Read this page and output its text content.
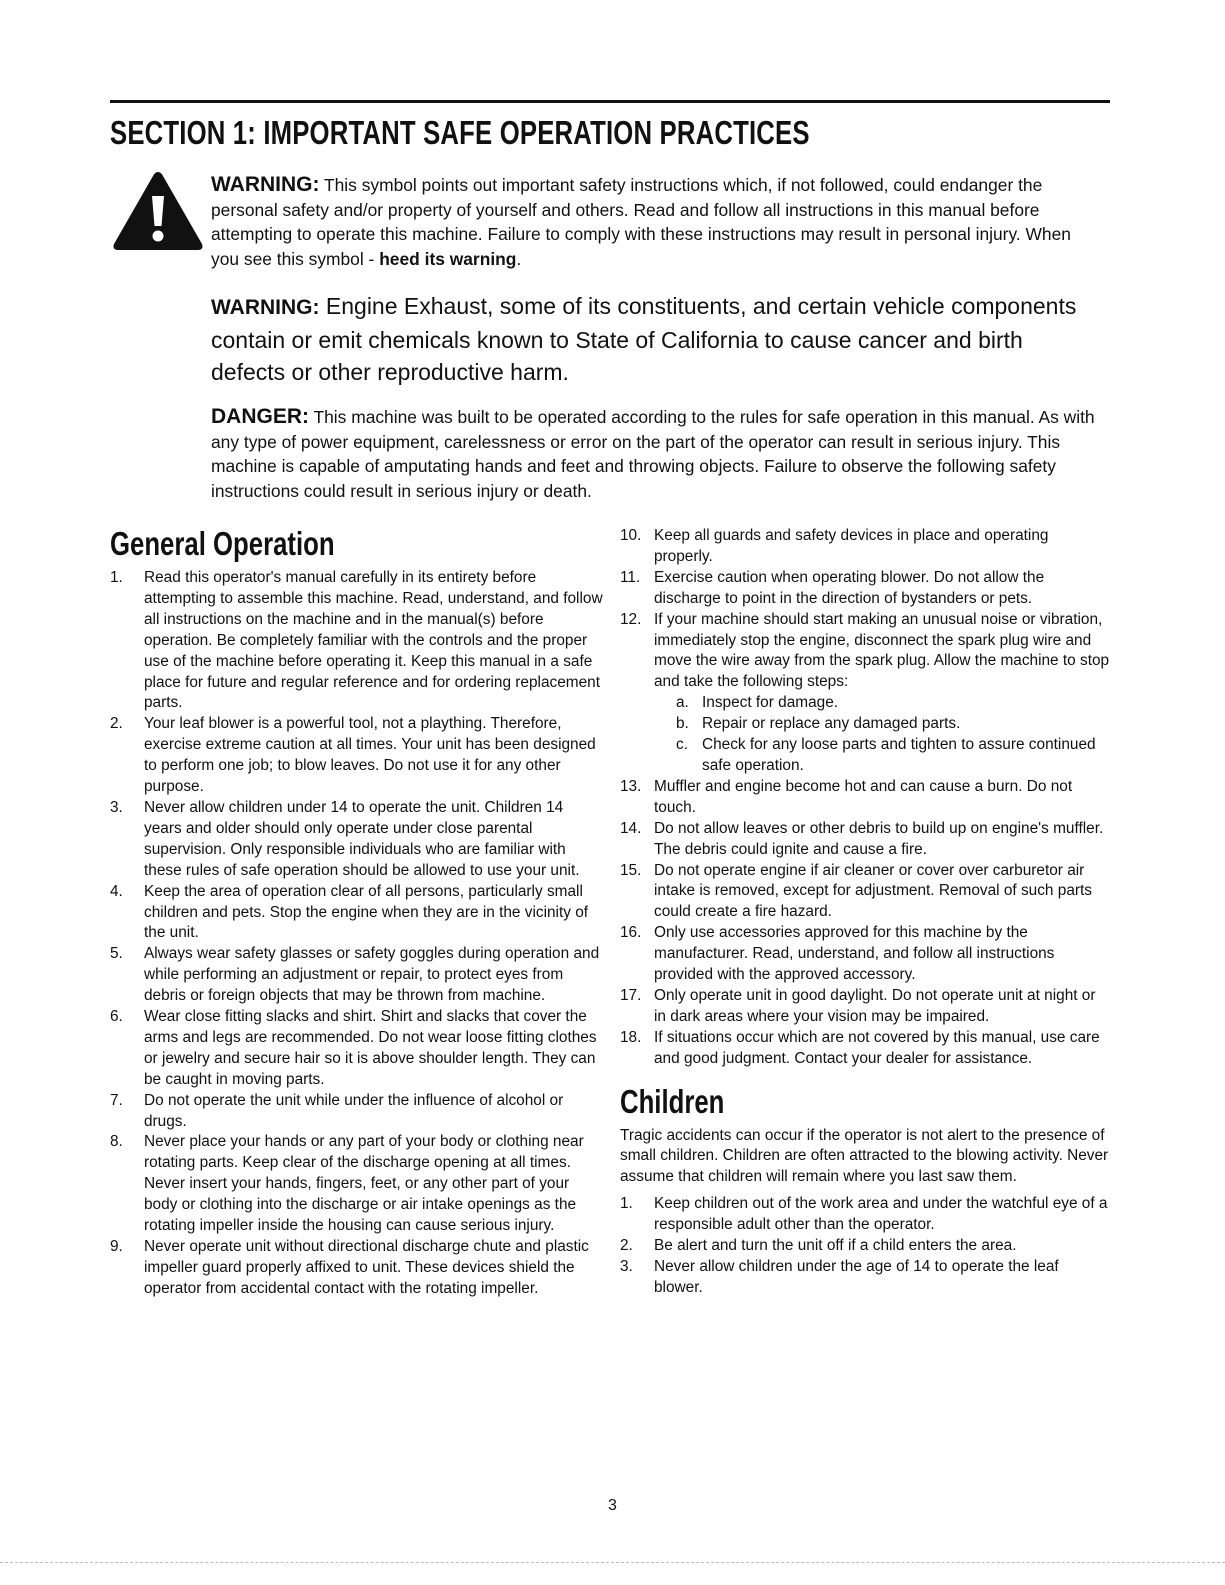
SECTION 1: IMPORTANT SAFE OPERATION PRACTICES

WARNING: This symbol points out important safety instructions which, if not followed, could endanger the personal safety and/or property of yourself and others. Read and follow all instructions in this manual before attempting to operate this machine. Failure to comply with these instructions may result in personal injury. When you see this symbol - heed its warning.

WARNING: Engine Exhaust, some of its constituents, and certain vehicle components contain or emit chemicals known to State of California to cause cancer and birth defects or other reproductive harm.

DANGER: This machine was built to be operated according to the rules for safe operation in this manual. As with any type of power equipment, carelessness or error on the part of the operator can result in serious injury. This machine is capable of amputating hands and feet and throwing objects. Failure to observe the following safety instructions could result in serious injury or death.

General Operation
1.	Read this operator's manual carefully in its entirety before attempting to assemble this machine. Read, understand, and follow all instructions on the machine and in the manual(s) before operation. Be completely familiar with the controls and the proper use of the machine before operating it. Keep this manual in a safe place for future and regular reference and for ordering replacement parts.
2.	Your leaf blower is a powerful tool, not a plaything. Therefore, exercise extreme caution at all times. Your unit has been designed to perform one job; to blow leaves. Do not use it for any other purpose.
3.	Never allow children under 14 to operate the unit. Children 14 years and older should only operate under close parental supervision. Only responsible individuals who are familiar with these rules of safe operation should be allowed to use your unit.
4.	Keep the area of operation clear of all persons, particularly small children and pets. Stop the engine when they are in the vicinity of the unit.
5.	Always wear safety glasses or safety goggles during operation and while performing an adjustment or repair, to protect eyes from debris or foreign objects that may be thrown from machine.
6.	Wear close fitting slacks and shirt. Shirt and slacks that cover the arms and legs are recommended. Do not wear loose fitting clothes or jewelry and secure hair so it is above shoulder length. They can be caught in moving parts.
7.	Do not operate the unit while under the influence of alcohol or drugs.
8.	Never place your hands or any part of your body or clothing near rotating parts. Keep clear of the discharge opening at all times. Never insert your hands, fingers, feet, or any other part of your body or clothing into the discharge or air intake openings as the rotating impeller inside the housing can cause serious injury.
9.	Never operate unit without directional discharge chute and plastic impeller guard properly affixed to unit. These devices shield the operator from accidental contact with the rotating impeller.
10. Keep all guards and safety devices in place and operating properly.
11. Exercise caution when operating blower. Do not allow the discharge to point in the direction of bystanders or pets.
12. If your machine should start making an unusual noise or vibration, immediately stop the engine, disconnect the spark plug wire and move the wire away from the spark plug. Allow the machine to stop and take the following steps:
a. Inspect for damage.
b. Repair or replace any damaged parts.
c. Check for any loose parts and tighten to assure continued safe operation.
13. Muffler and engine become hot and can cause a burn. Do not touch.
14. Do not allow leaves or other debris to build up on engine's muffler. The debris could ignite and cause a fire.
15. Do not operate engine if air cleaner or cover over carburetor air intake is removed, except for adjustment. Removal of such parts could create a fire hazard.
16. Only use accessories approved for this machine by the manufacturer. Read, understand, and follow all instructions provided with the approved accessory.
17. Only operate unit in good daylight. Do not operate unit at night or in dark areas where your vision may be impaired.
18. If situations occur which are not covered by this manual, use care and good judgment. Contact your dealer for assistance.
Children

Tragic accidents can occur if the operator is not alert to the presence of small children. Children are often attracted to the blowing activity. Never assume that children will remain where you last saw them.

1.	Keep children out of the work area and under the watchful eye of a responsible adult other than the operator.
2.	Be alert and turn the unit off if a child enters the area.
3.	Never allow children under the age of 14 to operate the leaf blower.
3
